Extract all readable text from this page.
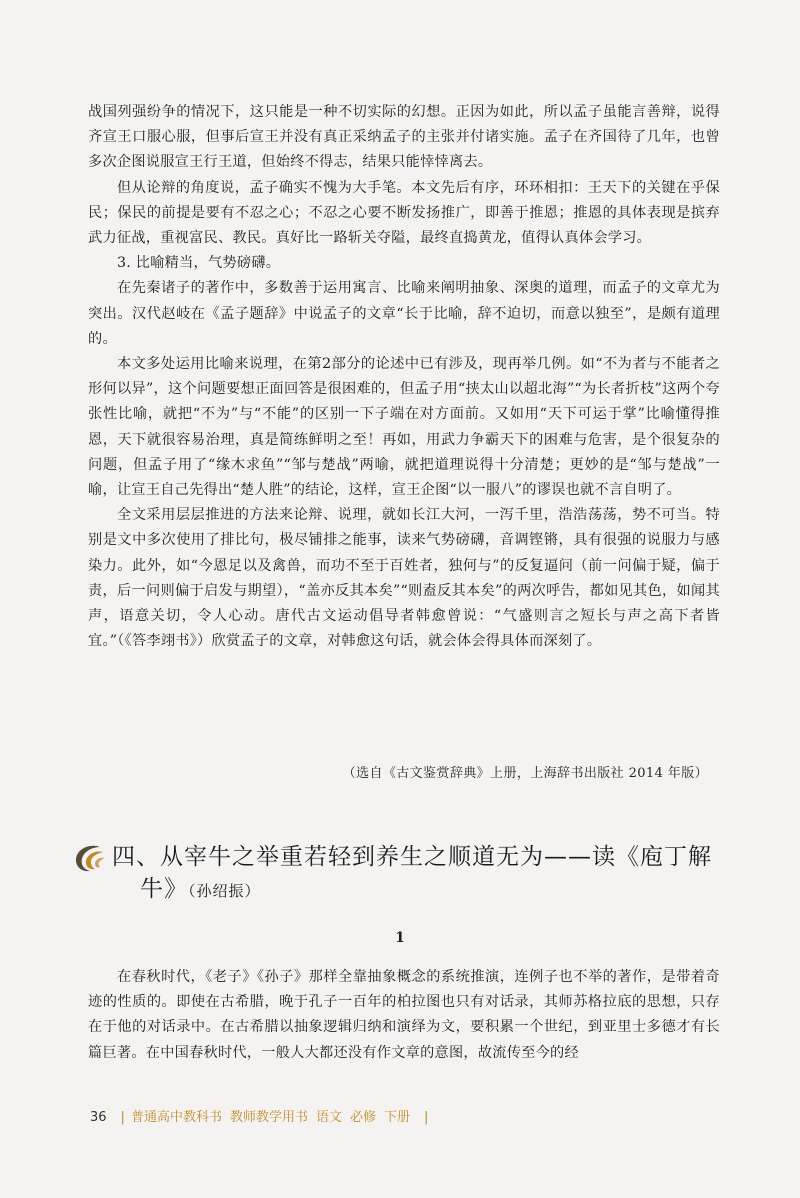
战国列强纷争的情况下，这只能是一种不切实际的幻想。正因为如此，所以孟子虽能言善辩，说得齐宣王口服心服，但事后宣王并没有真正采纳孟子的主张并付诸实施。孟子在齐国待了几年，也曾多次企图说服宣王行王道，但始终不得志，结果只能悻悻离去。

但从论辩的角度说，孟子确实不愧为大手笔。本文先后有序，环环相扣：王天下的关键在乎保民；保民的前提是要有不忍之心；不忍之心要不断发扬推广，即善于推恩；推恩的具体表现是摈弃武力征战，重视富民、教民。真好比一路斩关夺隘，最终直捣黄龙，值得认真体会学习。

3. 比喻精当，气势磅礴。

在先秦诸子的著作中，多数善于运用寓言、比喻来阐明抽象、深奥的道理，而孟子的文章尤为突出。汉代赵岐在《孟子题辞》中说孟子的文章“长于比喻，辞不迫切，而意以独至”，是颇有道理的。

本文多处运用比喻来说理，在第2部分的论述中已有涉及，现再举几例。如“不为者与不能者之形何以异”，这个问题要想正面回答是很困难的，但孟子用“挟太山以超北海”“为长者折枝”这两个夸张性比喻，就把“不为”与“不能”的区别一下子端在对方面前。又如用“天下可运于掌”比喻懂得推恩，天下就很容易治理，真是简练鲜明之至！再如，用武力争霸天下的困难与危害，是个很复杂的问题，但孟子用了“缘木求鱼”“邹与楚战”两喻，就把道理说得十分清楚；更妙的是“邹与楚战”一喻，让宣王自己先得出“楚人胜”的结论，这样，宣王企图“以一服八”的谬误也就不言自明了。

全文采用层层推进的方法来论辩、说理，就如长江大河，一泻千里，浩浩荡荡，势不可当。特别是文中多次使用了排比句，极尽铺排之能事，读来气势磅礴，音调铿锵，具有很强的说服力与感染力。此外，如“今恩足以及禽兽，而功不至于百姓者，独何与”的反复逼问（前一问偏于疑，偏于责，后一问则偏于启发与期望），“盖亦反其本矣”“则盍反其本矣”的两次呼告，都如见其色，如闻其声，语意关切，令人心动。唐代古文运动倡导者韩愈曾说：“气盛则言之短长与声之高下者皆宜。”（《答李翊书》）欣赏孟子的文章，对韩愈这句话，就会体会得具体而深刻了。

（选自《古文鉴赏辞典》上册，上海辞书出版社 2014 年版）
四、从宰牛之举重若轻到养生之顺道无为——读《庖丁解
牛》（孙绍振）
1

在春秋时代，《老子》《孙子》那样全靠抽象概念的系统推演，连例子也不举的著作，是带着奇迹的性质的。即使在古希腊，晚于孔子一百年的柏拉图也只有对话录，其师苏格拉底的思想，只存在于他的对话录中。在古希腊以抽象逻辑归纳和演绎为文，要积累一个世纪，到亚里士多德才有长篇巨著。在中国春秋时代，一般人大都还没有作文章的意图，故流传至今的经

36 | 普通高中教科书 教师教学用书 语文 必修 下册 |
